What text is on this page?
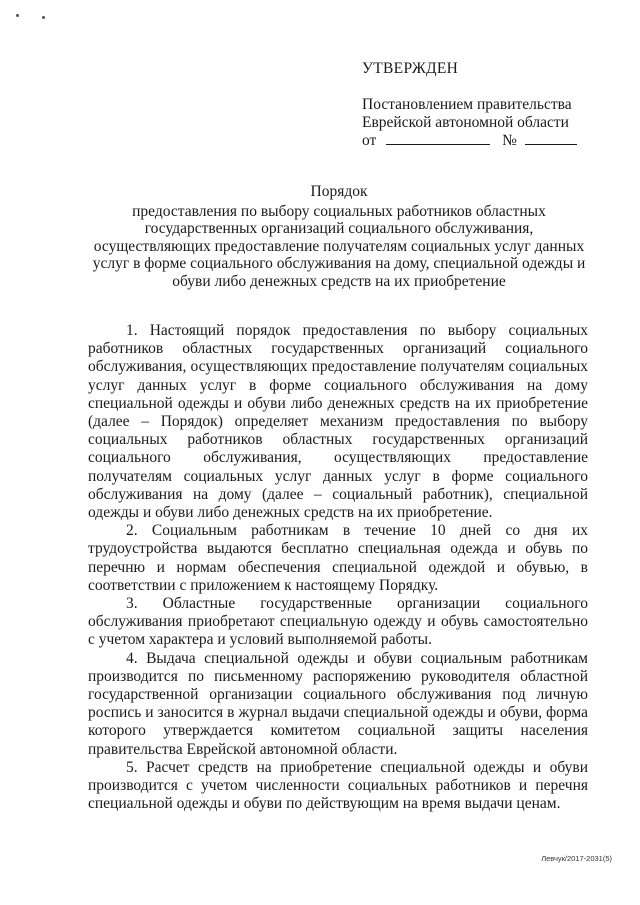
УТВЕРЖДЕН
Постановлением правительства
Еврейской автономной области
от	№
Порядок
предоставления по выбору социальных работников областных государственных организаций социального обслуживания, осуществляющих предоставление получателям социальных услуг данных услуг в форме социального обслуживания на дому, специальной одежды и обуви либо денежных средств на их приобретение

1. Настоящий порядок предоставления по выбору социальных работников областных государственных организаций социального обслуживания, осуществляющих предоставление получателям социальных услуг данных услуг в форме социального обслуживания на дому специальной одежды и обуви либо денежных средств на их приобретение (далее – Порядок) определяет механизм предоставления по выбору социальных работников областных государственных организаций социального обслуживания, осуществляющих предоставление получателям социальных услуг данных услуг в форме социального обслуживания на дому (далее – социальный работник), специальной одежды и обуви либо денежных средств на их приобретение.

2. Социальным работникам в течение 10 дней со дня их трудоустройства выдаются бесплатно специальная одежда и обувь по перечню и нормам обеспечения специальной одеждой и обувью, в соответствии с приложением к настоящему Порядку.

3. Областные государственные организации социального обслуживания приобретают специальную одежду и обувь самостоятельно с учетом характера и условий выполняемой работы.

4. Выдача специальной одежды и обуви социальным работникам производится по письменному распоряжению руководителя областной государственной организации социального обслуживания под личную роспись и заносится в журнал выдачи специальной одежды и обуви, форма которого утверждается комитетом социальной защиты населения правительства Еврейской автономной области.

5. Расчет средств на приобретение специальной одежды и обуви производится с учетом численности социальных работников и перечня специальной одежды и обуви по действующим на время выдачи ценам.

Левчук/2017-2031(5)
